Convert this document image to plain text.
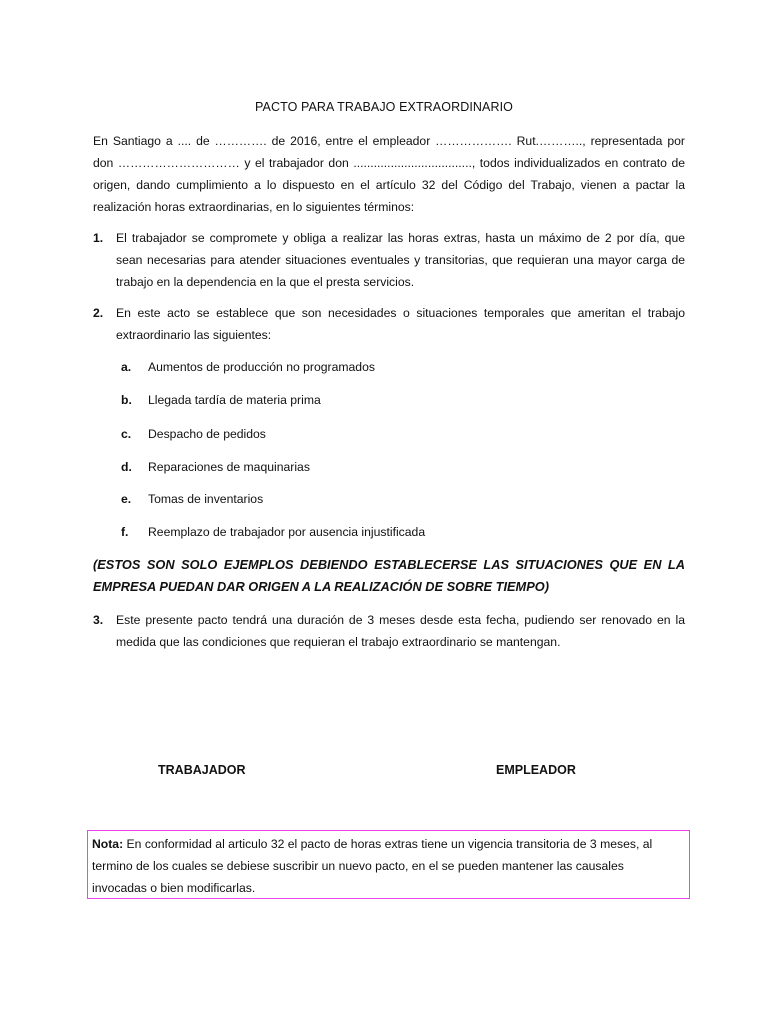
PACTO PARA TRABAJO EXTRAORDINARIO
En Santiago a .... de …………. de 2016, entre el empleador ………………. Rut.……….., representada por don ………………………… y el trabajador don ..................................., todos individualizados en contrato de origen, dando cumplimiento a lo dispuesto en el artículo 32 del Código del Trabajo, vienen a pactar la realización horas extraordinarias, en lo siguientes términos:
1. El trabajador se compromete y obliga a realizar las horas extras, hasta un máximo de 2 por día, que sean necesarias para atender situaciones eventuales y transitorias, que requieran una mayor carga de trabajo en la dependencia en la que el presta servicios.
2. En este acto se establece que son necesidades o situaciones temporales que ameritan el trabajo extraordinario las siguientes:
a. Aumentos de producción no programados
b. Llegada tardía de materia prima
c. Despacho de pedidos
d. Reparaciones de maquinarias
e. Tomas de inventarios
f. Reemplazo de trabajador por ausencia injustificada
(ESTOS SON SOLO EJEMPLOS DEBIENDO ESTABLECERSE LAS SITUACIONES QUE EN LA EMPRESA PUEDAN DAR ORIGEN A LA REALIZACIÓN DE SOBRE TIEMPO)
3. Este presente pacto tendrá una duración de 3 meses desde esta fecha, pudiendo ser renovado en la medida que las condiciones que requieran el trabajo extraordinario se mantengan.
TRABAJADOR	EMPLEADOR
Nota: En conformidad al articulo 32 el pacto de horas extras tiene un vigencia transitoria de 3 meses, al termino de los cuales se debiese suscribir un nuevo pacto, en el se pueden mantener las causales invocadas o bien modificarlas.
